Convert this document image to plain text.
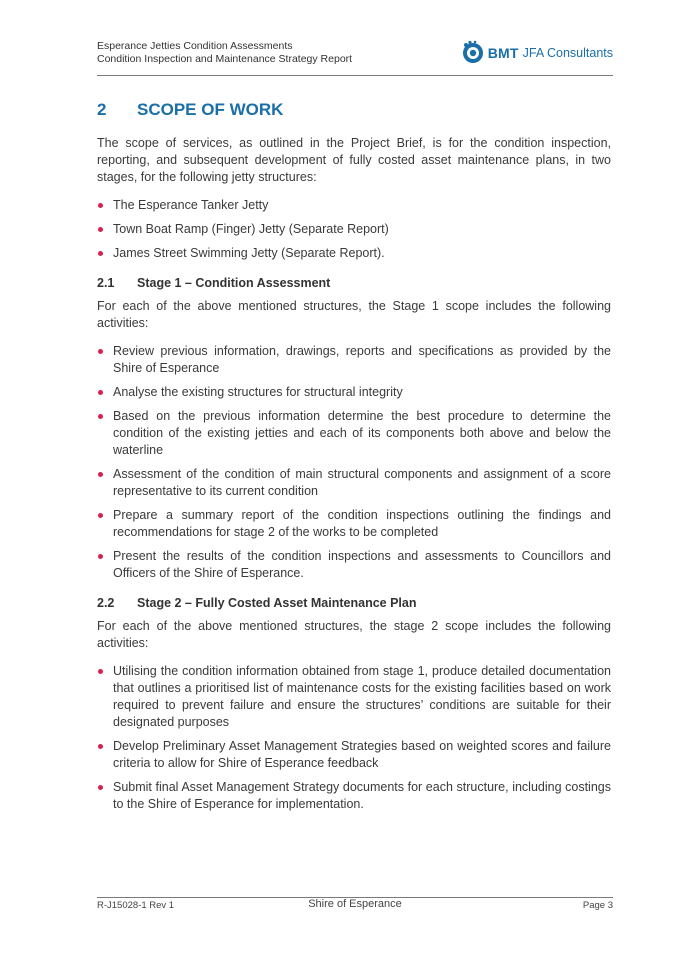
Esperance Jetties Condition Assessments
Condition Inspection and Maintenance Strategy Report	BMT JFA Consultants
2	SCOPE OF WORK

The scope of services, as outlined in the Project Brief, is for the condition inspection, reporting, and subsequent development of fully costed asset maintenance plans, in two stages, for the following jetty structures:

The Esperance Tanker Jetty
Town Boat Ramp (Finger) Jetty (Separate Report)
James Street Swimming Jetty (Separate Report).
2.1	Stage 1 – Condition Assessment

For each of the above mentioned structures, the Stage 1 scope includes the following activities:

Review previous information, drawings, reports and specifications as provided by the Shire of Esperance
Analyse the existing structures for structural integrity
Based on the previous information determine the best procedure to determine the condition of the existing jetties and each of its components both above and below the waterline
Assessment of the condition of main structural components and assignment of a score representative to its current condition
Prepare a summary report of the condition inspections outlining the findings and recommendations for stage 2 of the works to be completed
Present the results of the condition inspections and assessments to Councillors and Officers of the Shire of Esperance.
2.2	Stage 2 – Fully Costed Asset Maintenance Plan

For each of the above mentioned structures, the stage 2 scope includes the following activities:

Utilising the condition information obtained from stage 1, produce detailed documentation that outlines a prioritised list of maintenance costs for the existing facilities based on work required to prevent failure and ensure the structures’ conditions are suitable for their designated purposes
Develop Preliminary Asset Management Strategies based on weighted scores and failure criteria to allow for Shire of Esperance feedback
Submit final Asset Management Strategy documents for each structure, including costings to the Shire of Esperance for implementation.
R-J15028-1 Rev 1	Shire of Esperance	Page 3
